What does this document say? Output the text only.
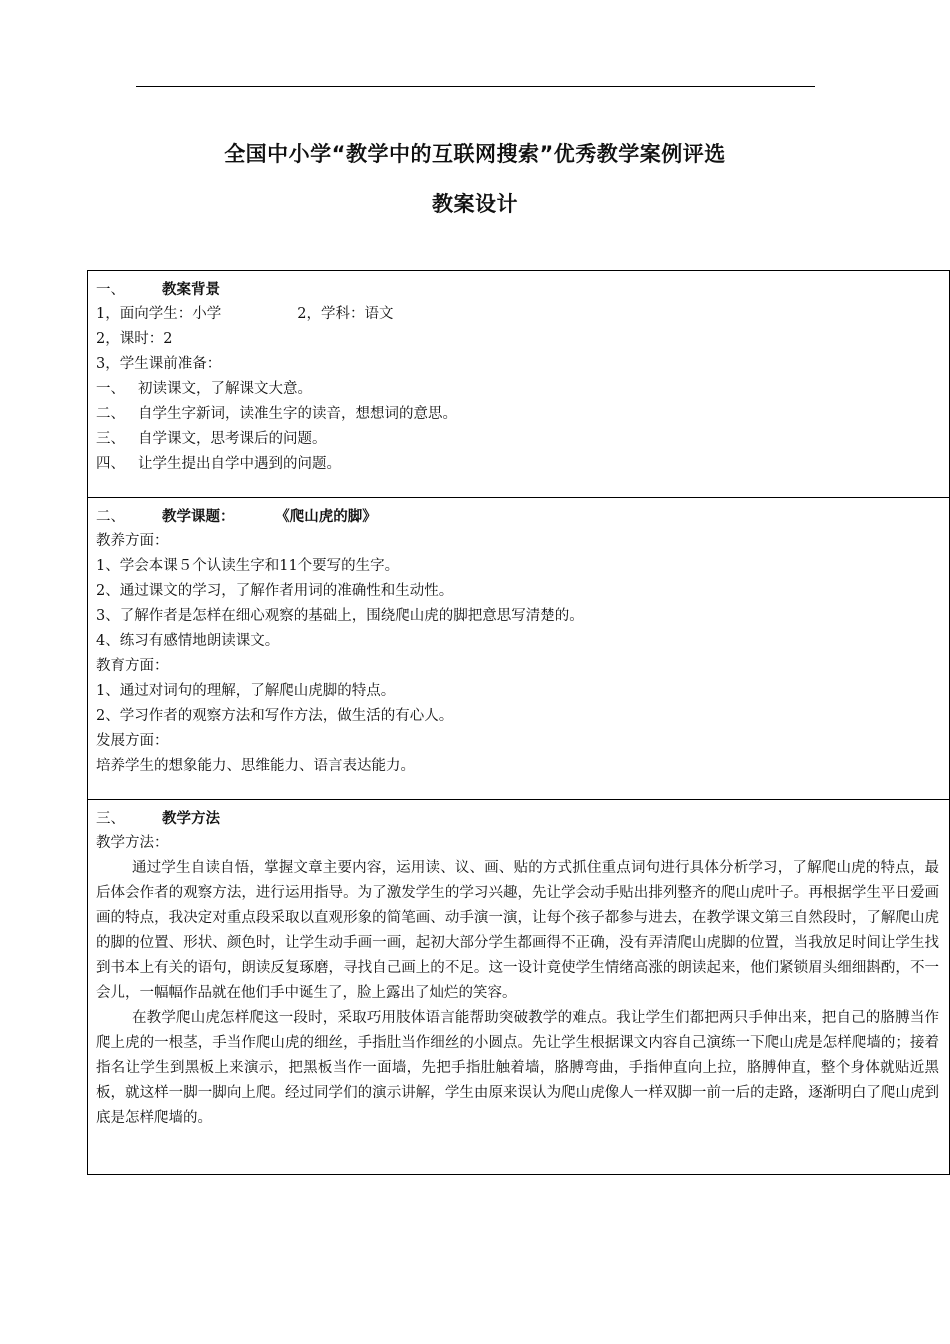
全国中小学“教学中的互联网搜索”优秀教学案例评选
教案设计
一、	教案背景
1，面向学生：小学	2，学科：语文
2，课时：2
3，学生课前准备：
一、 初读课文，了解课文大意。
二、 自学生字新词，读准生字的读音，想想词的意思。
三、 自学课文，思考课后的问题。
四、 让学生提出自学中遇到的问题。
二、	教学课题：	《爬山虎的脚》
教养方面：
1、学会本课５个认读生字和11个要写的生字。
2、通过课文的学习，了解作者用词的准确性和生动性。
3、了解作者是怎样在细心观察的基础上，围绕爬山虎的脚把意思写清楚的。
4、练习有感情地朗读课文。
教育方面：
1、通过对词句的理解，了解爬山虎脚的特点。
2、学习作者的观察方法和写作方法，做生活的有心人。
发展方面：
培养学生的想象能力、思维能力、语言表达能力。
三、	教学方法
教学方法：

通过学生自读自悟，掌握文章主要内容，运用读、议、画、贴的方式抓住重点词句进行具体分析学习，了解爬山虎的特点，最后体会作者的观察方法，进行运用指导。为了激发学生的学习兴趣，先让学会动手贴出排列整齐的爬山虎叶子。再根据学生平日爱画画的特点，我决定对重点段采取以直观形象的简笔画、动手演一演，让每个孩子都参与进去，在教学课文第三自然段时，了解爬山虎的脚的位置、形状、颜色时，让学生动手画一画，起初大部分学生都画得不正确，没有弄清爬山虎脚的位置，当我放足时间让学生找到书本上有关的语句，朗读反复琢磨，寻找自己画上的不足。这一设计竟使学生情绪高涨的朗读起来，他们紧锁眉头细细斟酌，不一会儿，一幅幅作品就在他们手中诞生了，脸上露出了灿烂的笑容。

在教学爬山虎怎样爬这一段时，采取巧用肢体语言能帮助突破教学的难点。我让学生们都把两只手伸出来，把自己的胳膊当作爬上虎的一根茎，手当作爬山虎的细丝，手指肚当作细丝的小圆点。先让学生根据课文内容自己演练一下爬山虎是怎样爬墙的；接着指名让学生到黑板上来演示，把黑板当作一面墙，先把手指肚触着墙，胳膊弯曲，手指伸直向上拉，胳膊伸直，整个身体就贴近黑板，就这样一脚一脚向上爬。经过同学们的演示讲解，学生由原来误认为爬山虎像人一样双脚一前一后的走路，逐渐明白了爬山虎到底是怎样爬墙的。
